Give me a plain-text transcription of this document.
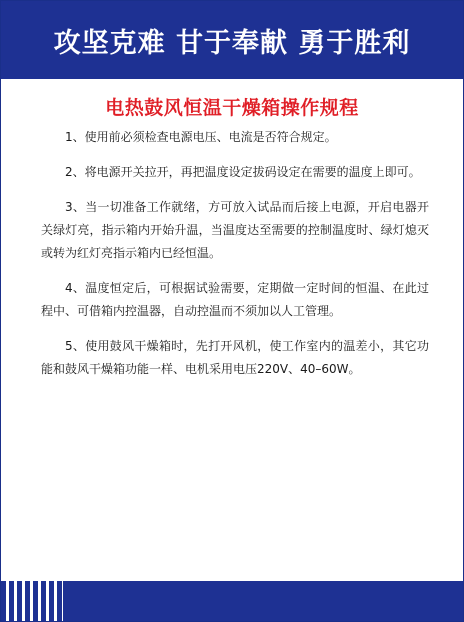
攻坚克难 甘于奉献 勇于胜利
电热鼓风恒温干燥箱操作规程

1、使用前必须检查电源电压、电流是否符合规定。

2、将电源开关拉开，再把温度设定拔码设定在需要的温度上即可。

3、当一切准备工作就绪，方可放入试品而后接上电源，开启电器开关绿灯亮，指示箱内开始升温，当温度达至需要的控制温度时、绿灯熄灭或转为红灯亮指示箱内已经恒温。

4、温度恒定后，可根据试验需要，定期做一定时间的恒温、在此过程中、可借箱内控温器，自动控温而不须加以人工管理。

5、使用鼓风干燥箱时，先打开风机，使工作室内的温差小，其它功能和鼓风干燥箱功能一样、电机采用电压220V、40–60W。
